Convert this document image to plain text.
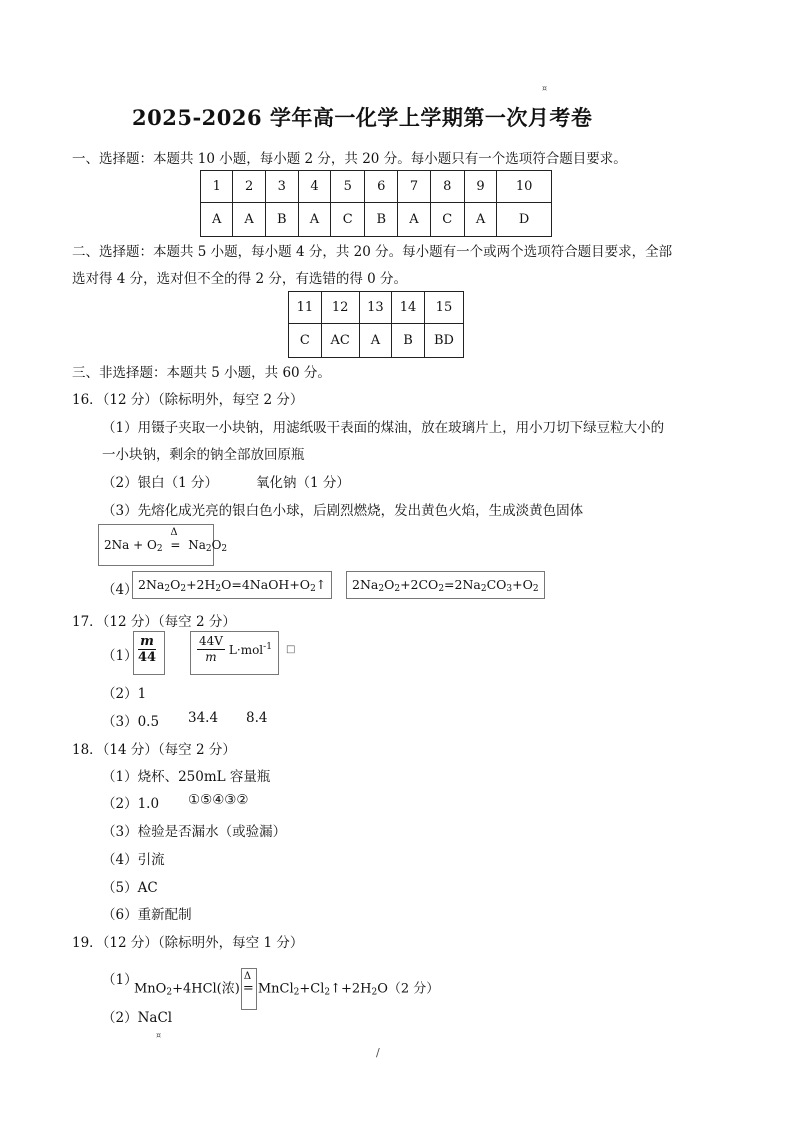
¤
2025-2026 学年高一化学上学期第一次月考卷
一、选择题：本题共 10 小题，每小题 2 分，共 20 分。每小题只有一个选项符合题目要求。
1	2	3	4	5	6	7	8	9	10
A	A	B	A	C	B	A	C	A	D
二、选择题：本题共 5 小题，每小题 4 分，共 20 分。每小题有一个或两个选项符合题目要求，全部
选对得 4 分，选对但不全的得 2 分，有选错的得 0 分。
11	12	13	14	15
C	AC	A	B	BD
三、非选择题：本题共 5 小题，共 60 分。
16．（12 分）（除标明外，每空 2 分）
（1）用镊子夹取一小块钠，用滤纸吸干表面的煤油，放在玻璃片上，用小刀切下绿豆粒大小的
一小块钠，剩余的钠全部放回原瓶
（2）银白（1 分）	氧化钠（1 分）
（3）先熔化成光亮的银白色小球，后剧烈燃烧，发出黄色火焰，生成淡黄色固体
$2Na + O_2$
Δ
= $Na_2O_2$
（4） $2Na_2O_2+2H_2O=4NaOH+O_2↑$	$2Na_2O_2+2CO_2=2Na_2CO_3+O_2$
17．（12 分）（每空 2 分）
$(1) \frac{m}{44}$	$\frac{44V}{m} L\cdot mol^{-1}$	□
（2）1
（3）0.5 34.4 8.4
18．（14 分）（每空 2 分）
（1）烧杯、250mL 容量瓶
（2）1.0 ①⑤④③②
（3）检验是否漏水（或验漏）
（4）引流
（5）AC
（6）重新配制
19．（12 分）（除标明外，每空 1 分）
（1）
MnO$_2$+4HCl(浓)
Δ
= $MnCl_2+Cl_2↑+2H_2O(2$ 分）
（2）NaCl
¤
/
